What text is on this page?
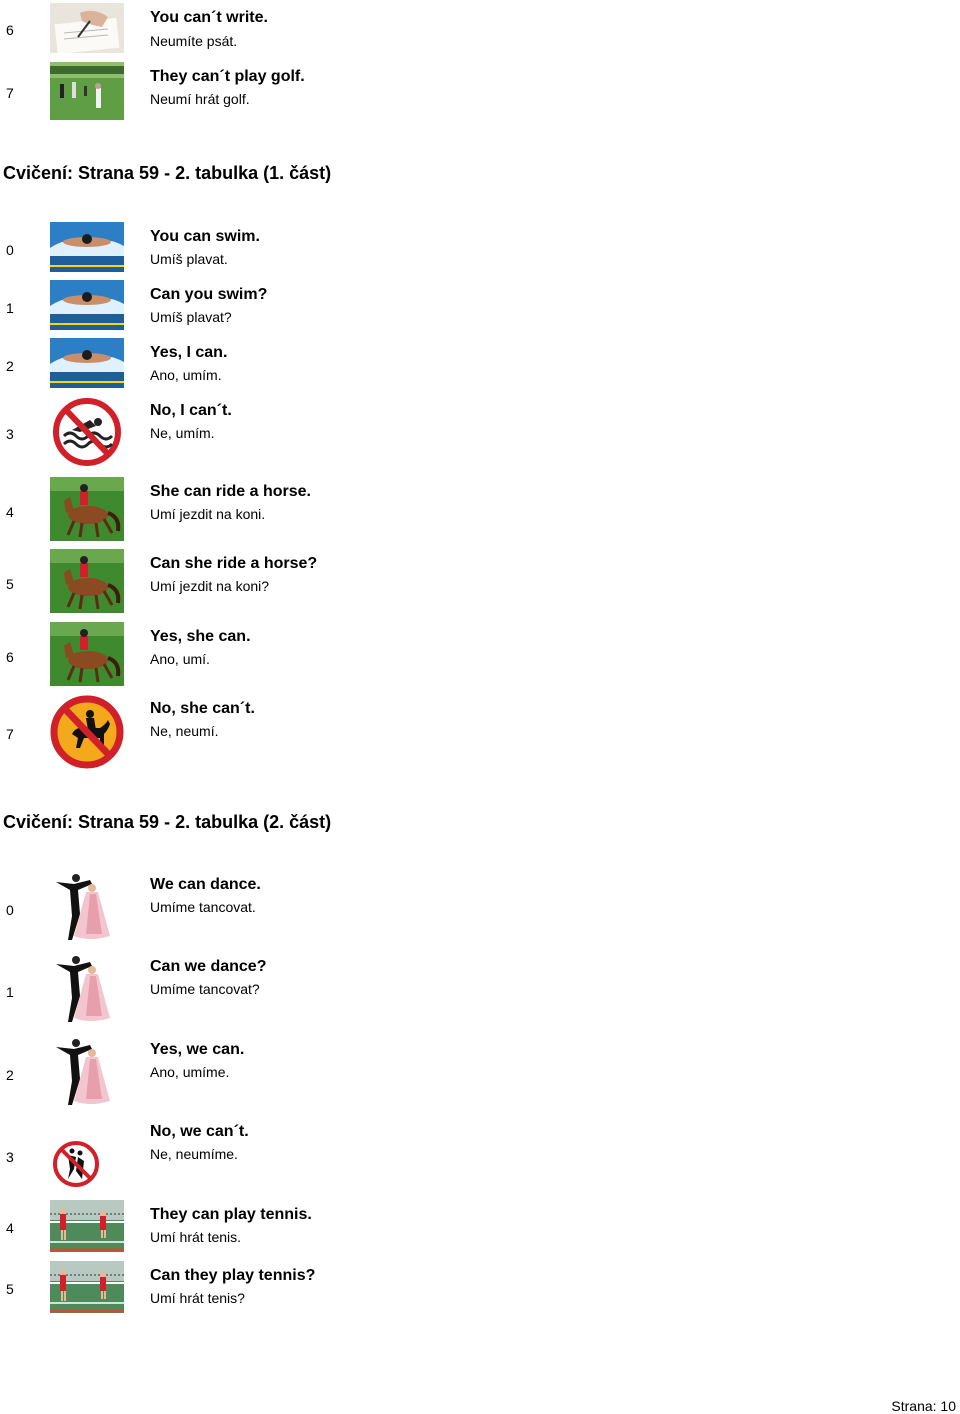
6
You can´t write.
Neumíte psát.
7
They can´t play golf.
Neumí hrát golf.
Cvičení: Strana 59 - 2. tabulka (1. část)
0
You can swim.
Umíš plavat.
1
Can you swim?
Umíš plavat?
2
Yes, I can.
Ano, umím.
3
No, I can´t.
Ne, umím.
4
She can ride a horse.
Umí jezdit na koni.
5
Can she ride a horse?
Umí jezdit na koni?
6
Yes, she can.
Ano, umí.
7
No, she can´t.
Ne, neumí.
Cvičení: Strana 59 - 2. tabulka (2. část)
0
We can dance.
Umíme tancovat.
1
Can we dance?
Umíme tancovat?
2
Yes, we can.
Ano, umíme.
3
No, we can´t.
Ne, neumíme.
4
They can play tennis.
Umí hrát tenis.
5
Can they play tennis?
Umí hrát tenis?
Strana: 10
